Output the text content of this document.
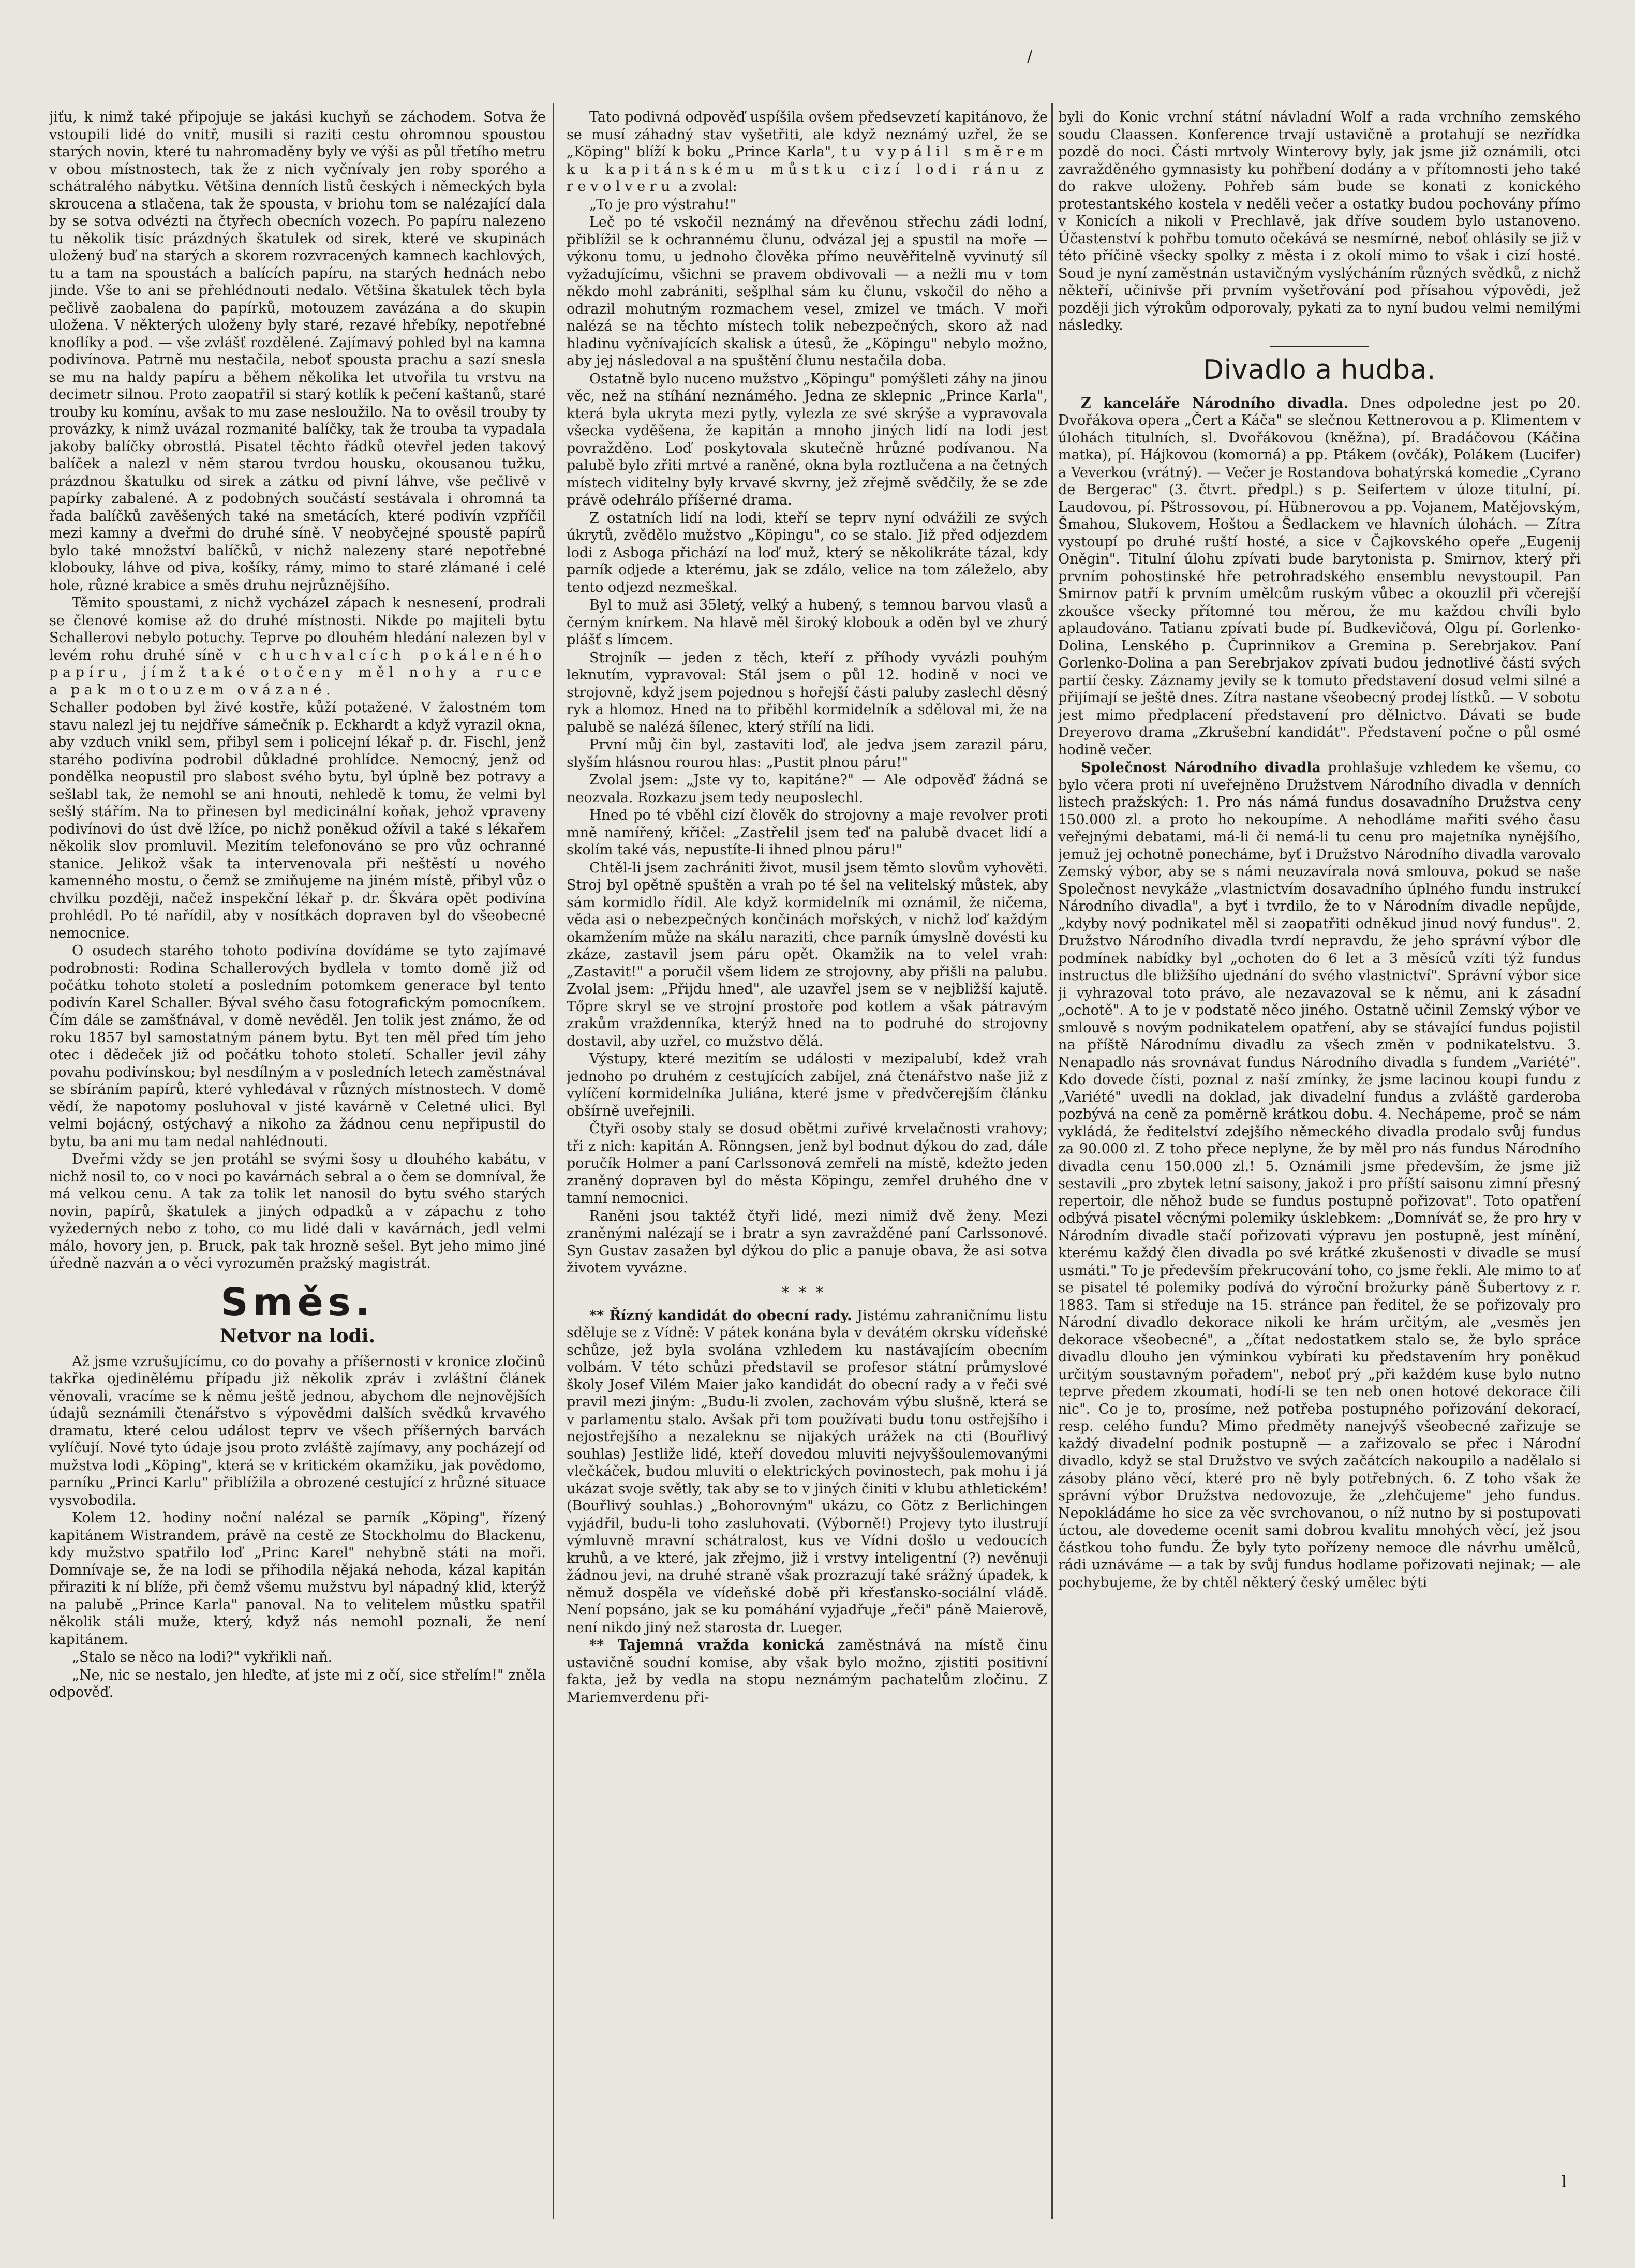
/
l

jiťu, k nimž také připojuje se jakási kuchyň se záchodem. Sotva že vstoupili lidé do vnitř, musili si raziti cestu ohromnou spoustou starých novin, které tu nahromaděny byly ve výši as půl třetího metru v obou místnostech, tak že z nich vyčnívaly jen roby sporého a schátralého nábytku. Většina denních listů českých i německých byla skroucena a stlačena, tak že spousta, v briohu tom se nalézající dala by se sotva odvézti na čtyřech obecních vozech. Po papíru nalezeno tu několik tisíc prázdných škatulek od sirek, které ve skupinách uložený buď na starých a skorem rozvracených kamnech kachlových, tu a tam na spoustách a balících papíru, na starých hednách nebo jinde. Vše to ani se přehlédnouti nedalo. Většina škatulek těch byla pečlivě zaobalena do papírků, motouzem zavázána a do skupin uložena. V některých uloženy byly staré, rezavé hřebíky, nepotřebné knoflíky a pod. — vše zvlášť rozdělené. Zajímavý pohled byl na kamna podivínova. Patrně mu nestačila, neboť spousta prachu a sazí snesla se mu na haldy papíru a během několika let utvořila tu vrstvu na decimetr silnou. Proto zaopatřil si starý kotlík k pečení kaštanů, staré trouby ku komínu, avšak to mu zase nesloužilo. Na to ověsil trouby ty provázky, k nimž uvázal rozmanité balíčky, tak že trouba ta vypadala jakoby balíčky obrostlá. Pisatel těchto řádků otevřel jeden takový balíček a nalezl v něm starou tvrdou housku, okousanou tužku, prázdnou škatulku od sirek a zátku od pivní láhve, vše pečlivě v papírky zabalené. A z podobných součástí sestávala i ohromná ta řada balíčků zavěšených také na smetácích, které podivín vzpříčil mezi kamny a dveřmi do druhé síně. V neobyčejné spoustě papírů bylo také množství balíčků, v nichž nalezeny staré nepotřebné klobouky, láhve od piva, košíky, rámy, mimo to staré zlámané i celé hole, různé krabice a směs druhu nejrůznějšího.

Těmito spoustami, z nichž vycházel zápach k nesnesení, prodrali se členové komise až do druhé místnosti. Nikde po majiteli bytu Schallerovi nebylo potuchy. Teprve po dlouhém hledání nalezen byl v levém rohu druhé síně v chuchvalcích pokáleného papíru, jímž také otočeny měl nohy a ruce a pak motouzem ovázané.

Schaller podoben byl živé kostře, kůží potažené. V žalostném tom stavu nalezl jej tu nejdříve sámečník p. Eckhardt a když vyrazil okna, aby vzduch vnikl sem, přibyl sem i policejní lékař p. dr. Fischl, jenž starého podivína podrobil důkladné prohlídce. Nemocný, jenž od pondělka neopustil pro slabost svého bytu, byl úplně bez potravy a sešlabl tak, že nemohl se ani hnouti, nehledě k tomu, že velmi byl sešlý stářím. Na to přinesen byl medicinální koňak, jehož vpraveny podivínovi do úst dvě lžíce, po nichž poněkud ožívil a také s lékařem několik slov promluvil. Mezitím telefonováno se pro vůz ochranné stanice. Jelikož však ta intervenovala při neštěstí u nového kamenného mostu, o čemž se zmiňujeme na jiném místě, přibyl vůz o chvilku později, načež inspekční lékař p. dr. Škvára opět podivína prohlédl. Po té nařídil, aby v nosítkách dopraven byl do všeobecné nemocnice.

O osudech starého tohoto podivína dovídáme se tyto zajímavé podrobnosti: Rodina Schallerových bydlela v tomto domě již od počátku tohoto století a posledním potomkem generace byl tento podivín Karel Schaller. Býval svého času fotografickým pomocníkem. Čím dále se zamšťnával, v domě nevěděl. Jen tolik jest známo, že od roku 1857 byl samostatným pánem bytu. Byt ten měl před tím jeho otec i dědeček již od počátku tohoto století. Schaller jevil záhy povahu podivínskou; byl nesdílným a v posledních letech zaměstnával se sbíráním papírů, které vyhledával v různých místnostech. V domě vědí, že napotomy posluhoval v jisté kavárně v Celetné ulici. Byl velmi bojácný, ostýchavý a nikoho za žádnou cenu nepřipustil do bytu, ba ani mu tam nedal nahlédnouti.

Dveřmi vždy se jen protáhl se svými šosy u dlouhého kabátu, v nichž nosil to, co v noci po kavárnách sebral a o čem se domníval, že má velkou cenu. A tak za tolik let nanosil do bytu svého starých novin, papírů, škatulek a jiných odpadků a v zápachu z toho vyžederných nebo z toho, co mu lidé dali v kavárnách, jedl velmi málo, hovory jen, p. Bruck, pak tak hrozně sešel. Byt jeho mimo jiné úředně nazván a o věci vyrozuměn pražský magistrát.

Směs.
Netvor na lodi.

Až jsme vzrušujícímu, co do povahy a příšernosti v kronice zločinů takřka ojedinělému případu již několik zpráv i zvláštní článek věnovali, vracíme se k němu ještě jednou, abychom dle nejnovějších údajů seznámili čtenářstvo s výpovědmi dalších svědků krvavého dramatu, které celou událost teprv ve všech příšerných barvách vylíčují. Nové tyto údaje jsou proto zvláště zajímavy, any pocházejí od mužstva lodi „Köping", která se v kritickém okamžiku, jak povědomo, parníku „Princi Karlu" přiblížila a obrozené cestující z hrůzné situace vysvobodila.

Kolem 12. hodiny noční nalézal se parník „Köping", řízený kapitánem Wistrandem, právě na cestě ze Stockholmu do Blackenu, kdy mužstvo spatřilo loď „Princ Karel" nehybně státi na moři. Domnívaje se, že na lodi se přihodila nějaká nehoda, kázal kapitán přiraziti k ní blíže, při čemž všemu mužstvu byl nápadný klid, kterýž na palubě „Prince Karla" panoval. Na to velitelem můstku spatřil několik stáli muže, který, když nás nemohl poznali, že není kapitánem.

„Stalo se něco na lodi?" vykřikli naň.

„Ne, nic se nestalo, jen hleďte, ať jste mi z očí, sice střelím!" zněla odpověď.

Tato podivná odpověď uspíšila ovšem předsevzetí kapitánovo, že se musí záhadný stav vyšetřiti, ale když neznámý uzřel, že se „Köping" blíží k boku „Prince Karla", tu vypálil směrem ku kapitánskému můstku cizí lodi ránu z revolveru a zvolal:

„To je pro výstrahu!"

Leč po té vskočil neznámý na dřevěnou střechu zádi lodní, přiblížil se k ochrannému člunu, odvázal jej a spustil na moře — výkonu tomu, u jednoho člověka přímo neuvěřitelně vyvinutý síl vyžadujícímu, všichni se pravem obdivovali — a nežli mu v tom někdo mohl zabrániti, sešplhal sám ku člunu, vskočil do něho a odrazil mohutným rozmachem vesel, zmizel ve tmách. V moři nalézá se na těchto místech tolik nebezpečných, skoro až nad hladinu vyčnívajících skalisk a útesů, že „Köpingu" nebylo možno, aby jej následoval a na spuštění člunu nestačila doba.

Ostatně bylo nuceno mužstvo „Köpingu" pomýšleti záhy na jinou věc, než na stíhání neznámého. Jedna ze sklepnic „Prince Karla", která byla ukryta mezi pytly, vylezla ze své skrýše a vypravovala všecka vyděšena, že kapitán a mnoho jiných lidí na lodi jest povražděno. Loď poskytovala skutečně hrůzné podívanou. Na palubě bylo zřiti mrtvé a raněné, okna byla roztlučena a na četných místech viditelny byly krvavé skvrny, jež zřejmě svědčily, že se zde právě odehrálo příšerné drama.

Z ostatních lidí na lodi, kteří se teprv nyní odvážili ze svých úkrytů, zvědělo mužstvo „Köpingu", co se stalo. Již před odjezdem lodi z Asboga přichází na loď muž, který se několikráte tázal, kdy parník odjede a kterému, jak se zdálo, velice na tom záleželo, aby tento odjezd nezmeškal.

Byl to muž asi 35letý, velký a hubený, s temnou barvou vlasů a černým knírkem. Na hlavě měl široký klobouk a oděn byl ve zhurý plášť s límcem.

Strojník — jeden z těch, kteří z příhody vyvázli pouhým leknutím, vypravoval: Stál jsem o půl 12. hodině v noci ve strojovně, když jsem pojednou s hořejší části paluby zaslechl děsný ryk a hlomoz. Hned na to přiběhl kormidelník a sděloval mi, že na palubě se nalézá šílenec, který střílí na lidi.

První můj čin byl, zastaviti loď, ale jedva jsem zarazil páru, slyším hlásnou rourou hlas: „Pustit plnou páru!"

Zvolal jsem: „Jste vy to, kapitáne?" — Ale odpověď žádná se neozvala. Rozkazu jsem tedy neuposlechl.

Hned po té vběhl cizí člověk do strojovny a maje revolver proti mně namířený, křičel: „Zastřelil jsem teď na palubě dvacet lidí a skolím také vás, nepustíte-li ihned plnou páru!"

Chtěl-li jsem zachrániti život, musil jsem těmto slovům vyhověti. Stroj byl opětně spuštěn a vrah po té šel na velitelský můstek, aby sám kormidlo řídil. Ale když kormidelník mi oznámil, že ničema, věda asi o nebezpečných končinách mořských, v nichž loď každým okamžením může na skálu naraziti, chce parník úmyslně dovésti ku zkáze, zastavil jsem páru opět. Okamžik na to velel vrah: „Zastavit!" a poručil všem lidem ze strojovny, aby přišli na palubu. Zvolal jsem: „Přijdu hned", ale uzavřel jsem se v nejbližší kajutě. Tőpre skryl se ve strojní prostoře pod kotlem a však pátravým zrakům vraždenníka, kterýž hned na to podruhé do strojovny dostavil, aby uzřel, co mužstvo dělá.

Výstupy, které mezitím se události v mezipalubí, kdež vrah jednoho po druhém z cestujících zabíjel, zná čtenářstvo naše již z vylíčení kormidelníka Juliána, které jsme v předvčerejším článku obšírně uveřejnili.

Čtyři osoby staly se dosud obětmi zuřivé krvelačnosti vrahovy; tři z nich: kapitán A. Rönngsen, jenž byl bodnut dýkou do zad, dále poručík Holmer a paní Carlssonová zemřeli na místě, kdežto jeden zraněný dopraven byl do města Köpingu, zemřel druhého dne v tamní nemocnici.

Raněni jsou taktéž čtyři lidé, mezi nimiž dvě ženy. Mezi zraněnými nalézají se i bratr a syn zavražděné paní Carlssonové. Syn Gustav zasažen byl dýkou do plic a panuje obava, že asi sotva životem vyvázne.

***

** Řízný kandidát do obecní rady. Jistému zahraničnímu listu sděluje se z Vídně: V pátek konána byla v devátém okrsku vídeňské schůze, jež byla svolána vzhledem ku nastávajícím obecním volbám. V této schůzi představil se profesor státní průmyslové školy Josef Vilém Maier jako kandidát do obecní rady a v řeči své pravil mezi jiným: „Budu-li zvolen, zachovám výbu slušně, která se v parlamentu stalo. Avšak při tom používati budu tonu ostřejšího i nejostřejšího a nezaleknu se nijakých urážek na cti (Bouřlivý souhlas) Jestliže lidé, kteří dovedou mluviti nejvyššoulemovanými vlečkáček, budou mluviti o elektrických povinostech, pak mohu i já ukázat svoje světly, tak aby se to v jiných činiti v klubu athletickém! (Bouřlivý souhlas.) „Bohorovným" ukázu, co Götz z Berlichingen vyjádřil, budu-li toho zasluhovati. (Výborně!) Projevy tyto ilustrují výmluvně mravní schátralost, kus ve Vídni došlo u vedoucích kruhů, a ve které, jak zřejmo, již i vrstvy inteligentní (?) nevěnuji žádnou jevi, na druhé straně však prozrazují také srážný úpadek, k němuž dospěla ve vídeňské době při křesťansko-sociální vládě. Není popsáno, jak se ku pomáhání vyjadřuje „řeči" páně Maierově, není nikdo jiný než starosta dr. Lueger.

** Tajemná vražda konická zaměstnává na místě činu ustavičně soudní komise, aby však bylo možno, zjistiti positivní fakta, jež by vedla na stopu neznámým pachatelům zločinu. Z Mariemverdenu při-

byli do Konic vrchní státní návladní Wolf a rada vrchního zemského soudu Claassen. Konference trvají ustavičně a protahují se nezřídka pozdě do noci. Části mrtvoly Winterovy byly, jak jsme již oznámili, otci zavražděného gymnasisty ku pohřbení dodány a v přítomnosti jeho také do rakve uloženy. Pohřeb sám bude se konati z konického protestantského kostela v neděli večer a ostatky budou pochovány přímo v Konicích a nikoli v Prechlavě, jak dříve soudem bylo ustanoveno. Účastenství k pohřbu tomuto očekává se nesmírné, neboť ohlásily se již v této příčině všecky spolky z města i z okolí mimo to však i cizí hosté. Soud je nyní zaměstnán ustavičným vyslýcháním různých svědků, z nichž někteří, učinivše při prvním vyšetřování pod přísahou výpovědi, jež později jich výrokům odporovaly, pykati za to nyní budou velmi nemilými následky.

Divadlo a hudba.

Z kanceláře Národního divadla. Dnes odpoledne jest po 20. Dvořákova opera „Čert a Káča" se slečnou Kettnerovou a p. Klimentem v úlohách titulních, sl. Dvořákovou (kněžna), pí. Bradáčovou (Káčina matka), pí. Hájkovou (komorná) a pp. Ptákem (ovčák), Polákem (Lucifer) a Veverkou (vrátný). — Večer je Rostandova bohatýrská komedie „Cyrano de Bergerac" (3. čtvrt. předpl.) s p. Seifertem v úloze titulní, pí. Laudovou, pí. Pštrossovou, pí. Hübnerovou a pp. Vojanem, Matějovským, Šmahou, Slukovem, Hoštou a Šedlackem ve hlavních úlohách. — Zítra vystoupí po druhé ruští hosté, a sice v Čajkovského opeře „Eugenij Oněgin". Titulní úlohu zpívati bude barytonista p. Smirnov, který při prvním pohostinské hře petrohradského ensemblu nevystoupil. Pan Smirnov patří k prvním umělcům ruským vůbec a okouzlil při včerejší zkoušce všecky přítomné tou měrou, že mu každou chvíli bylo aplaudováno. Tatianu zpívati bude pí. Budkevičová, Olgu pí. Gorlenko-Dolina, Lenského p. Čuprinnikov a Gremina p. Serebrjakov. Paní Gorlenko-Dolina a pan Serebrjakov zpívati budou jednotlivé části svých partií česky. Záznamy jevily se k tomuto představení dosud velmi silné a přijímají se ještě dnes. Zítra nastane všeobecný prodej lístků. — V sobotu jest mimo předplacení představení pro dělnictvo. Dávati se bude Dreyerovo drama „Zkrušební kandidát". Představení počne o půl osmé hodině večer.

Společnost Národního divadla prohlašuje vzhledem ke všemu, co bylo včera proti ní uveřejněno Družstvem Národního divadla v denních listech pražských: 1. Pro nás námá fundus dosavadního Družstva ceny 150.000 zl. a proto ho nekoupíme. A nehodláme mařiti svého času veřejnými debatami, má-li či nemá-li tu cenu pro majetníka nynějšího, jemuž jej ochotně ponecháme, byť i Družstvo Národního divadla varovalo Zemský výbor, aby se s námi neuzavírala nová smlouva, pokud se naše Společnost nevykáže „vlastnictvím dosavadního úplného fundu instrukcí Národního divadla", a byť i tvrdilo, že to v Národním divadle nepůjde, „kdyby nový podnikatel měl si zaopatřiti odněkud jinud nový fundus". 2. Družstvo Národního divadla tvrdí nepravdu, že jeho správní výbor dle podmínek nabídky byl „ochoten do 6 let a 3 měsíců vzíti týž fundus instructus dle bližšího ujednání do svého vlastnictví". Správní výbor sice ji vyhrazoval toto právo, ale nezavazoval se k němu, ani k zásadní „ochotě". A to je v podstatě něco jiného. Ostatně učinil Zemský výbor ve smlouvě s novým podnikatelem opatření, aby se stávající fundus pojistil na příště Národnímu divadlu za všech změn v podnikatelstvu. 3. Nenapadlo nás srovnávat fundus Národního divadla s fundem „Variété". Kdo dovede čísti, poznal z naší zmínky, že jsme lacinou koupi fundu z „Variété" uvedli na doklad, jak divadelní fundus a zvláště garderoba pozbývá na ceně za poměrně krátkou dobu. 4. Nechápeme, proč se nám vykládá, že ředitelství zdejšího německého divadla prodalo svůj fundus za 90.000 zl. Z toho přece neplyne, že by měl pro nás fundus Národního divadla cenu 150.000 zl.! 5. Oznámili jsme především, že jsme již sestavili „pro zbytek letní saisony, jakož i pro příští saisonu zimní přesný repertoir, dle něhož bude se fundus postupně pořizovat". Toto opatření odbývá pisatel věcnými polemiky úsklebkem: „Domníváť se, že pro hry v Národním divadle stačí pořizovati výpravu jen postupně, jest mínění, kterému každý člen divadla po své krátké zkušenosti v divadle se musí usmáti." To je především překrucování toho, co jsme řekli. Ale mimo to ať se pisatel té polemiky podívá do výroční brožurky páně Šubertovy z r. 1883. Tam si středuje na 15. stránce pan ředitel, že se pořizovaly pro Národní divadlo dekorace nikoli ke hrám určitým, ale „vesměs jen dekorace všeobecné", a „čítat nedostatkem stalo se, že bylo spráce divadlu dlouho jen výminkou vybírati ku představením hry poněkud určitým soustavným pořadem", neboť prý „při každém kuse bylo nutno teprve předem zkoumati, hodí-li se ten neb onen hotové dekorace čili nic". Co je to, prosíme, než potřeba postupného pořizování dekorací, resp. celého fundu? Mimo předměty nanejvýš všeobecné zařizuje se každý divadelní podnik postupně — a zařizovalo se přec i Národní divadlo, když se stal Družstvo ve svých začátcích nakoupilo a nadělalo si zásoby pláno věcí, které pro ně byly potřebných. 6. Z toho však že správní výbor Družstva nedovozuje, že „zlehčujeme" jeho fundus. Nepokládáme ho sice za věc svrchovanou, o níž nutno by si postupovati úctou, ale dovedeme ocenit sami dobrou kvalitu mnohých věcí, jež jsou částkou toho fundu. Že byly tyto pořízeny nemoce dle návrhu umělců, rádi uznáváme — a tak by svůj fundus hodlame pořizovati nejinak; — ale pochybujeme, že by chtěl některý český umělec býti
